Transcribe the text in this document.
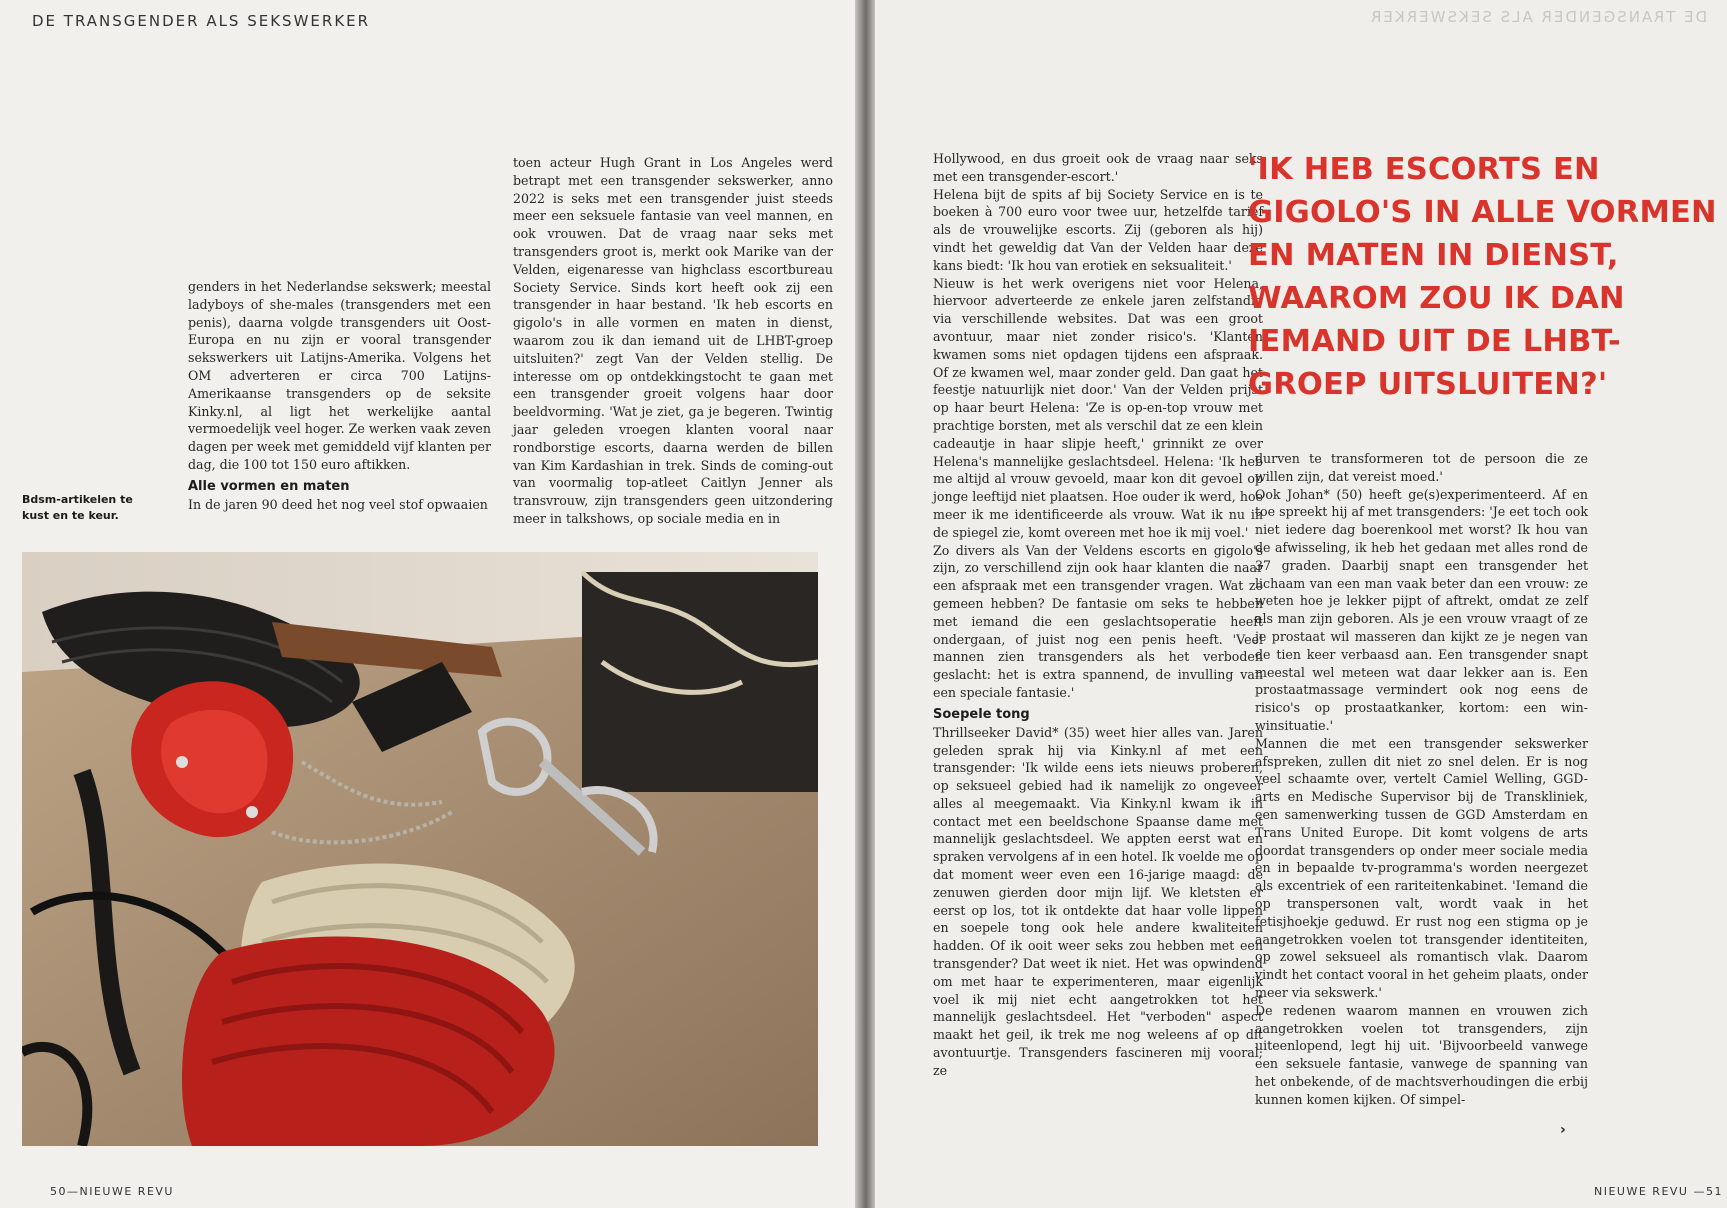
DE TRANSGENDER ALS SEKSWERKER

genders in het Nederlandse sekswerk; meestal ladyboys of she-males (transgenders met een penis), daarna volgde transgenders uit Oost-Europa en nu zijn er vooral transgender sekswerkers uit Latijns-Amerika. Volgens het OM adverteren er circa 700 Latijns-Amerikaanse transgenders op de seksite Kinky.nl, al ligt het werkelijke aantal vermoedelijk veel hoger. Ze werken vaak zeven dagen per week met gemiddeld vijf klanten per dag, die 100 tot 150 euro aftikken.

Alle vormen en maten

In de jaren 90 deed het nog veel stof opwaaien

Bdsm-artikelen te kust en te keur.

toen acteur Hugh Grant in Los Angeles werd betrapt met een transgender sekswerker, anno 2022 is seks met een transgender juist steeds meer een seksuele fantasie van veel mannen, en ook vrouwen. Dat de vraag naar seks met transgenders groot is, merkt ook Marike van der Velden, eigenaresse van highclass escortbureau Society Service. Sinds kort heeft ook zij een transgender in haar bestand. 'Ik heb escorts en gigolo's in alle vormen en maten in dienst, waarom zou ik dan iemand uit de LHBT-groep uitsluiten?' zegt Van der Velden stellig. De interesse om op ontdekkingstocht te gaan met een transgender groeit volgens haar door beeldvorming. 'Wat je ziet, ga je begeren. Twintig jaar geleden vroegen klanten vooral naar rondborstige escorts, daarna werden de billen van Kim Kardashian in trek. Sinds de coming-out van voormalig top-atleet Caitlyn Jenner als transvrouw, zijn transgenders geen uitzondering meer in talkshows, op sociale media en in

50—NIEUWE REVU
DE TRANSGENDER ALS SEKSWERKER

Hollywood, en dus groeit ook de vraag naar seks met een transgender-escort.'

Helena bijt de spits af bij Society Service en is te boeken à 700 euro voor twee uur, hetzelfde tarief als de vrouwelijke escorts. Zij (geboren als hij) vindt het geweldig dat Van der Velden haar deze kans biedt: 'Ik hou van erotiek en seksualiteit.'

Nieuw is het werk overigens niet voor Helena, hiervoor adverteerde ze enkele jaren zelfstandig via verschillende websites. Dat was een groot avontuur, maar niet zonder risico's. 'Klanten kwamen soms niet opdagen tijdens een afspraak. Of ze kwamen wel, maar zonder geld. Dan gaat het feestje natuurlijk niet door.' Van der Velden prijst op haar beurt Helena: 'Ze is op-en-top vrouw met prachtige borsten, met als verschil dat ze een klein cadeautje in haar slipje heeft,' grinnikt ze over Helena's mannelijke geslachtsdeel. Helena: 'Ik heb me altijd al vrouw gevoeld, maar kon dit gevoel op jonge leeftijd niet plaatsen. Hoe ouder ik werd, hoe meer ik me identificeerde als vrouw. Wat ik nu in de spiegel zie, komt overeen met hoe ik mij voel.'

Zo divers als Van der Veldens escorts en gigolo's zijn, zo verschillend zijn ook haar klanten die naar een afspraak met een transgender vragen. Wat ze gemeen hebben? De fantasie om seks te hebben met iemand die een geslachtsoperatie heeft ondergaan, of juist nog een penis heeft. 'Veel mannen zien transgenders als het verboden geslacht: het is extra spannend, de invulling van een speciale fantasie.'

Soepele tong

Thrillseeker David* (35) weet hier alles van. Jaren geleden sprak hij via Kinky.nl af met een transgender: 'Ik wilde eens iets nieuws proberen, op seksueel gebied had ik namelijk zo ongeveer alles al meegemaakt. Via Kinky.nl kwam ik in contact met een beeldschone Spaanse dame met mannelijk geslachtsdeel. We appten eerst wat en spraken vervolgens af in een hotel. Ik voelde me op dat moment weer even een 16-jarige maagd: de zenuwen gierden door mijn lijf. We kletsten er eerst op los, tot ik ontdekte dat haar volle lippen en soepele tong ook hele andere kwaliteiten hadden. Of ik ooit weer seks zou hebben met een transgender? Dat weet ik niet. Het was opwindend om met haar te experimenteren, maar eigenlijk voel ik mij niet echt aangetrokken tot het mannelijk geslachtsdeel. Het "verboden" aspect maakt het geil, ik trek me nog weleens af op dit avontuurtje. Transgenders fascineren mij vooral; ze

'IK HEB ESCORTS EN GIGOLO'S IN ALLE VORMEN EN MATEN IN DIENST, WAAROM ZOU IK DAN IEMAND UIT DE LHBT-GROEP UITSLUITEN?'

durven te transformeren tot de persoon die ze willen zijn, dat vereist moed.'

Ook Johan* (50) heeft ge(s)experimenteerd. Af en toe spreekt hij af met transgenders: 'Je eet toch ook niet iedere dag boerenkool met worst? Ik hou van de afwisseling, ik heb het gedaan met alles rond de 37 graden. Daarbij snapt een transgender het lichaam van een man vaak beter dan een vrouw: ze weten hoe je lekker pijpt of aftrekt, omdat ze zelf als man zijn geboren. Als je een vrouw vraagt of ze je prostaat wil masseren dan kijkt ze je negen van de tien keer verbaasd aan. Een transgender snapt meestal wel meteen wat daar lekker aan is. Een prostaatmassage vermindert ook nog eens de risico's op prostaatkanker, kortom: een win-winsituatie.'

Mannen die met een transgender sekswerker afspreken, zullen dit niet zo snel delen. Er is nog veel schaamte over, vertelt Camiel Welling, GGD-arts en Medische Supervisor bij de Transkliniek, een samenwerking tussen de GGD Amsterdam en Trans United Europe. Dit komt volgens de arts doordat transgenders op onder meer sociale media en in bepaalde tv-programma's worden neergezet als excentriek of een rariteitenkabinet. 'Iemand die op transpersonen valt, wordt vaak in het fetisjhoekje geduwd. Er rust nog een stigma op je aangetrokken voelen tot transgender identiteiten, op zowel seksueel als romantisch vlak. Daarom vindt het contact vooral in het geheim plaats, onder meer via sekswerk.'

De redenen waarom mannen en vrouwen zich aangetrokken voelen tot transgenders, zijn uiteenlopend, legt hij uit. 'Bijvoorbeeld vanwege een seksuele fantasie, vanwege de spanning van het onbekende, of de machtsverhoudingen die erbij kunnen komen kijken. Of simpel-

›
NIEUWE REVU —51
